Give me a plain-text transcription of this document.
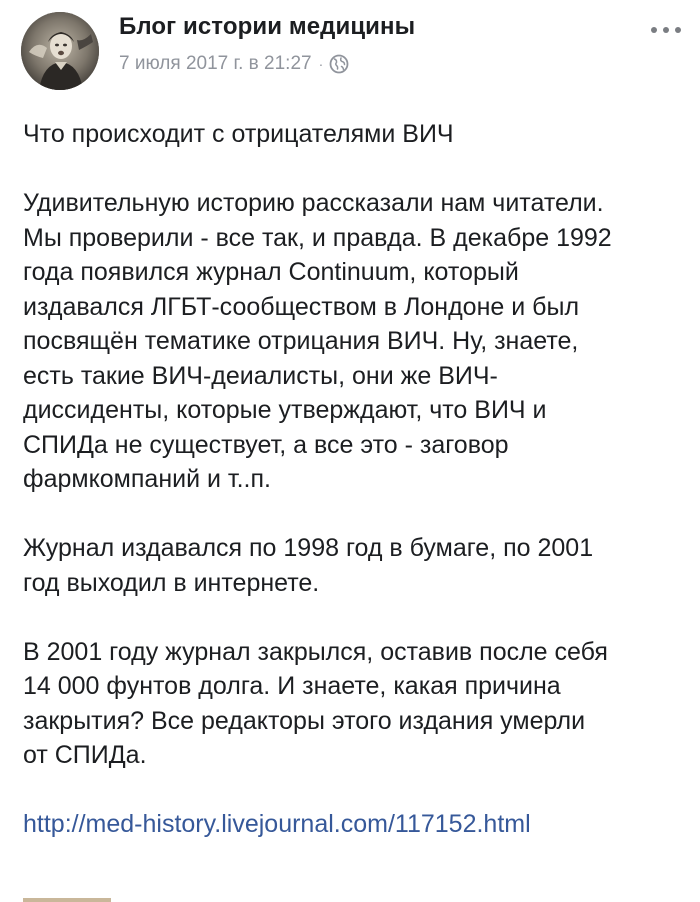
Блог истории медицины
7 июля 2017 г. в 21:27 ·

Что происходит с отрицателями ВИЧ

Удивительную историю рассказали нам читатели.
Мы проверили - все так, и правда. В декабре 1992
года появился журнал Continuum, который
издавался ЛГБТ-сообществом в Лондоне и был
посвящён тематике отрицания ВИЧ. Ну, знаете,
есть такие ВИЧ-деиалисты, они же ВИЧ-
диссиденты, которые утверждают, что ВИЧ и
СПИДа не существует, а все это - заговор
фармкомпаний и т..п.

Журнал издавался по 1998 год в бумаге, по 2001
год выходил в интернете.

В 2001 году журнал закрылся, оставив после себя
14 000 фунтов долга. И знаете, какая причина
закрытия? Все редакторы этого издания умерли
от СПИДа.

http://med-history.livejournal.com/117152.html
